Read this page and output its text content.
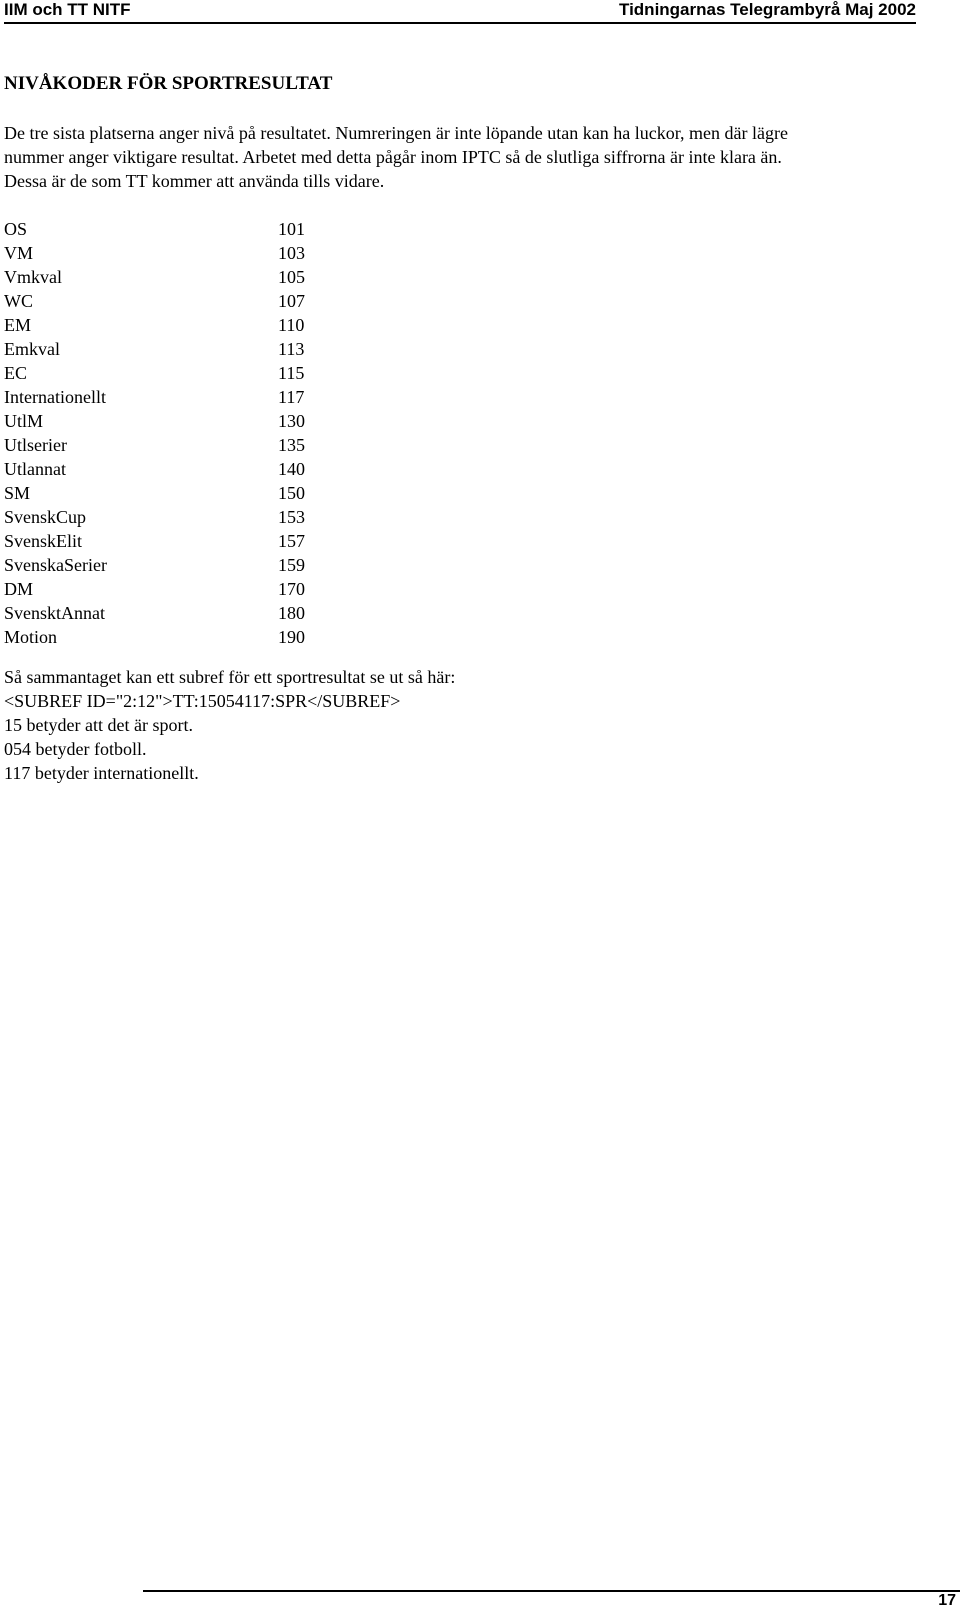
IIM och TT NITF	Tidningarnas Telegrambyrå Maj 2002
NIVÅKODER FÖR SPORTRESULTAT
De tre sista platserna anger nivå på resultatet. Numreringen är inte löpande utan kan ha luckor, men där lägre
nummer anger viktigare resultat. Arbetet med detta pågår inom IPTC så de slutliga siffrorna är inte klara än.
Dessa är de som TT kommer att använda tills vidare.
OS	101
VM	103
Vmkval	105
WC	107
EM	110
Emkval	113
EC	115
Internationellt	117
UtlM	130
Utlserier	135
Utlannat	140
SM	150
SvenskCup	153
SvenskElit	157
SvenskaSerier	159
DM	170
SvensktAnnat	180
Motion	190
Så sammantaget kan ett subref för ett sportresultat se ut så här:
<SUBREF ID="2:12">TT:15054117:SPR</SUBREF>
15 betyder att det är sport.
054 betyder fotboll.
117 betyder internationellt.
17
